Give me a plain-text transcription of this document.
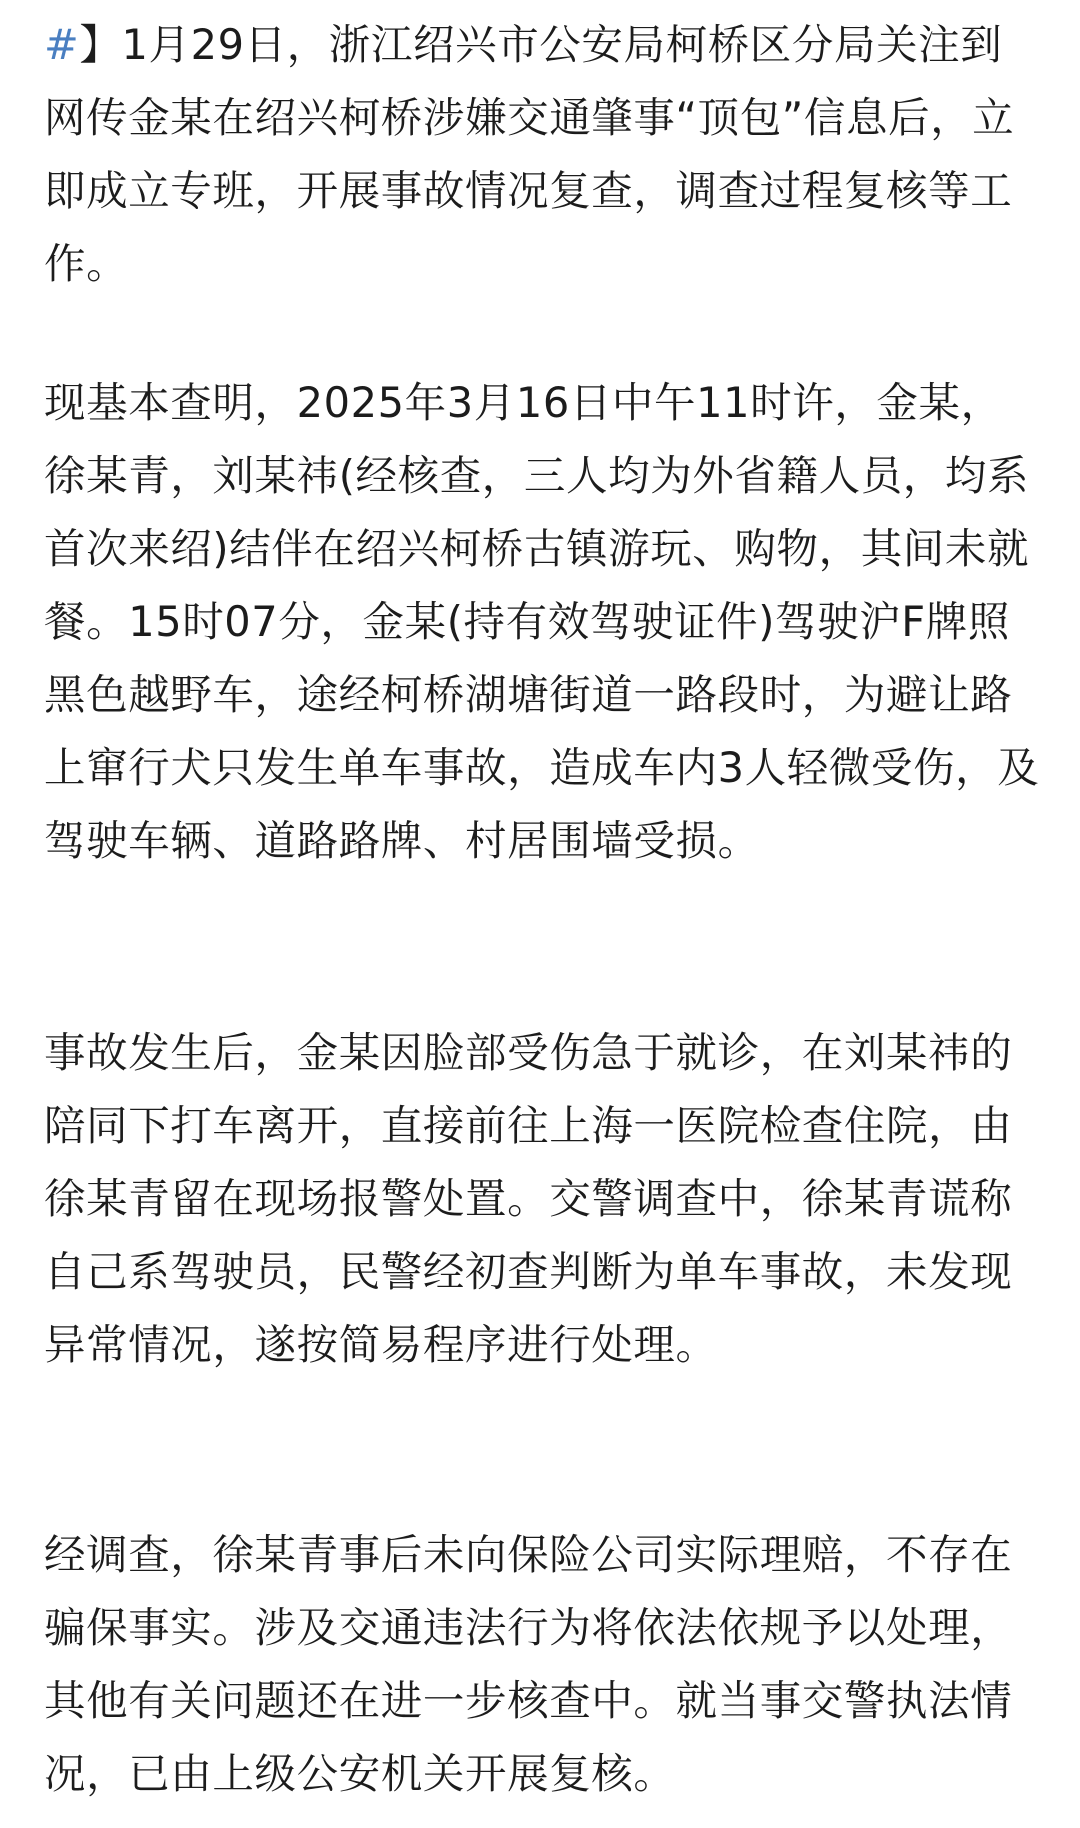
#】1月29日，浙江绍兴市公安局柯桥区分局关注到网传金某在绍兴柯桥涉嫌交通肇事“顶包”信息后，立即成立专班，开展事故情况复查，调查过程复核等工作。

现基本查明，2025年3月16日中午11时许，金某，徐某青，刘某祎(经核查，三人均为外省籍人员，均系首次来绍)结伴在绍兴柯桥古镇游玩、购物，其间未就餐。15时07分，金某(持有效驾驶证件)驾驶沪F牌照黑色越野车，途经柯桥湖塘街道一路段时，为避让路上窜行犬只发生单车事故，造成车内3人轻微受伤，及驾驶车辆、道路路牌、村居围墙受损。

事故发生后，金某因脸部受伤急于就诊，在刘某祎的陪同下打车离开，直接前往上海一医院检查住院，由徐某青留在现场报警处置。交警调查中，徐某青谎称自己系驾驶员，民警经初查判断为单车事故，未发现异常情况，遂按简易程序进行处理。

经调查，徐某青事后未向保险公司实际理赔，不存在骗保事实。涉及交通违法行为将依法依规予以处理，其他有关问题还在进一步核查中。就当事交警执法情况，已由上级公安机关开展复核。
